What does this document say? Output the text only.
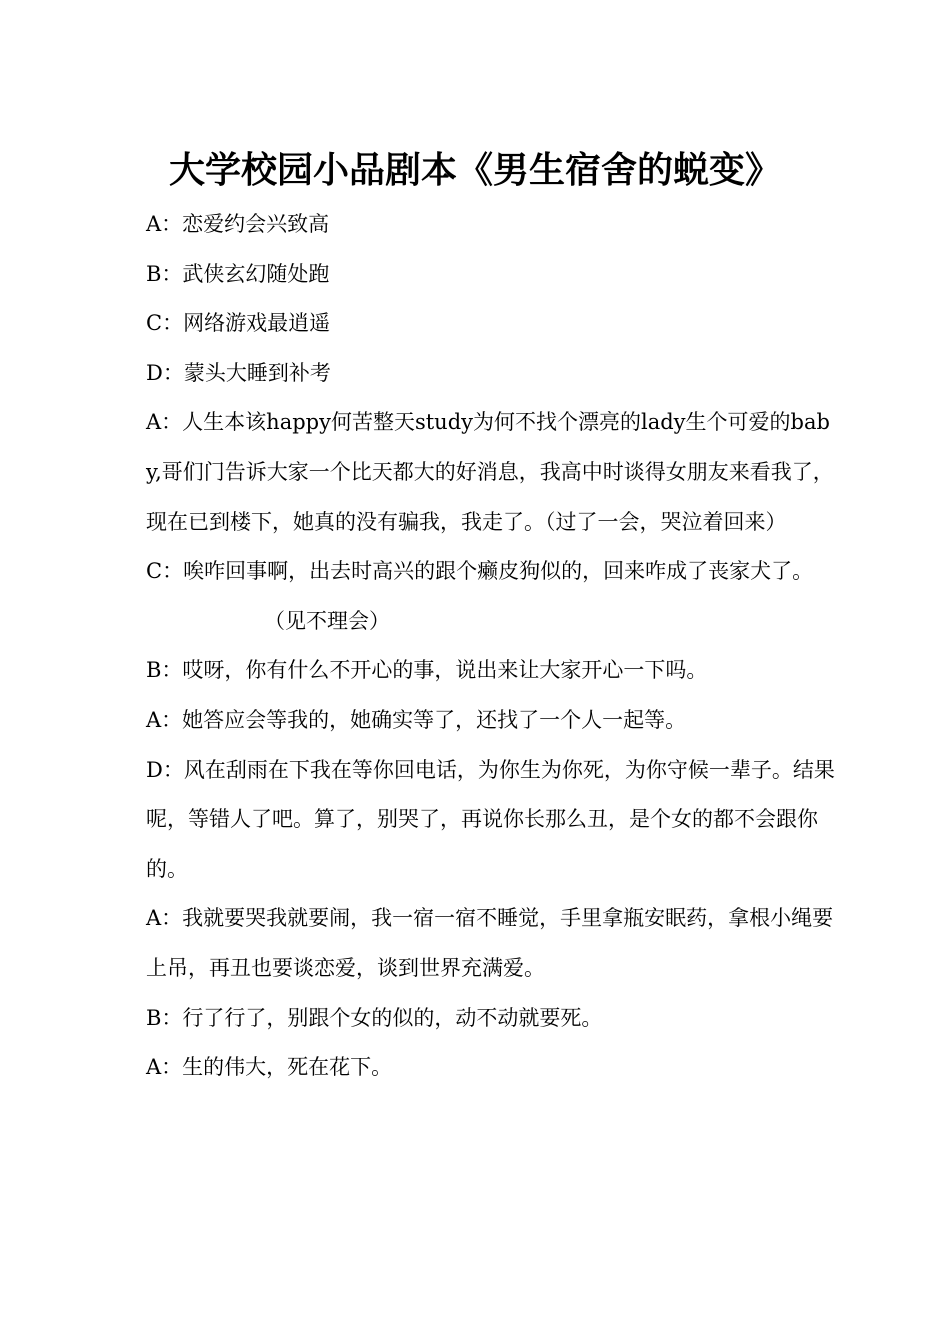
大学校园小品剧本《男生宿舍的蜕变》

A：恋爱约会兴致高

B：武侠玄幻随处跑

C：网络游戏最逍遥

D：蒙头大睡到补考

A：人生本该happy何苦整天study为何不找个漂亮的lady生个可爱的baby,哥们门告诉大家一个比天都大的好消息，我高中时谈得女朋友来看我了，现在已到楼下，她真的没有骗我，我走了。（过了一会，哭泣着回来）

C：唉咋回事啊，出去时高兴的跟个癞皮狗似的，回来咋成了丧家犬了。

（见不理会）

B：哎呀，你有什么不开心的事，说出来让大家开心一下吗。

A：她答应会等我的，她确实等了，还找了一个人一起等。

D：风在刮雨在下我在等你回电话，为你生为你死，为你守候一辈子。结果呢，等错人了吧。算了，别哭了，再说你长那么丑，是个女的都不会跟你的。

A：我就要哭我就要闹，我一宿一宿不睡觉，手里拿瓶安眠药，拿根小绳要上吊，再丑也要谈恋爱，谈到世界充满爱。

B：行了行了，别跟个女的似的，动不动就要死。

A：生的伟大，死在花下。
